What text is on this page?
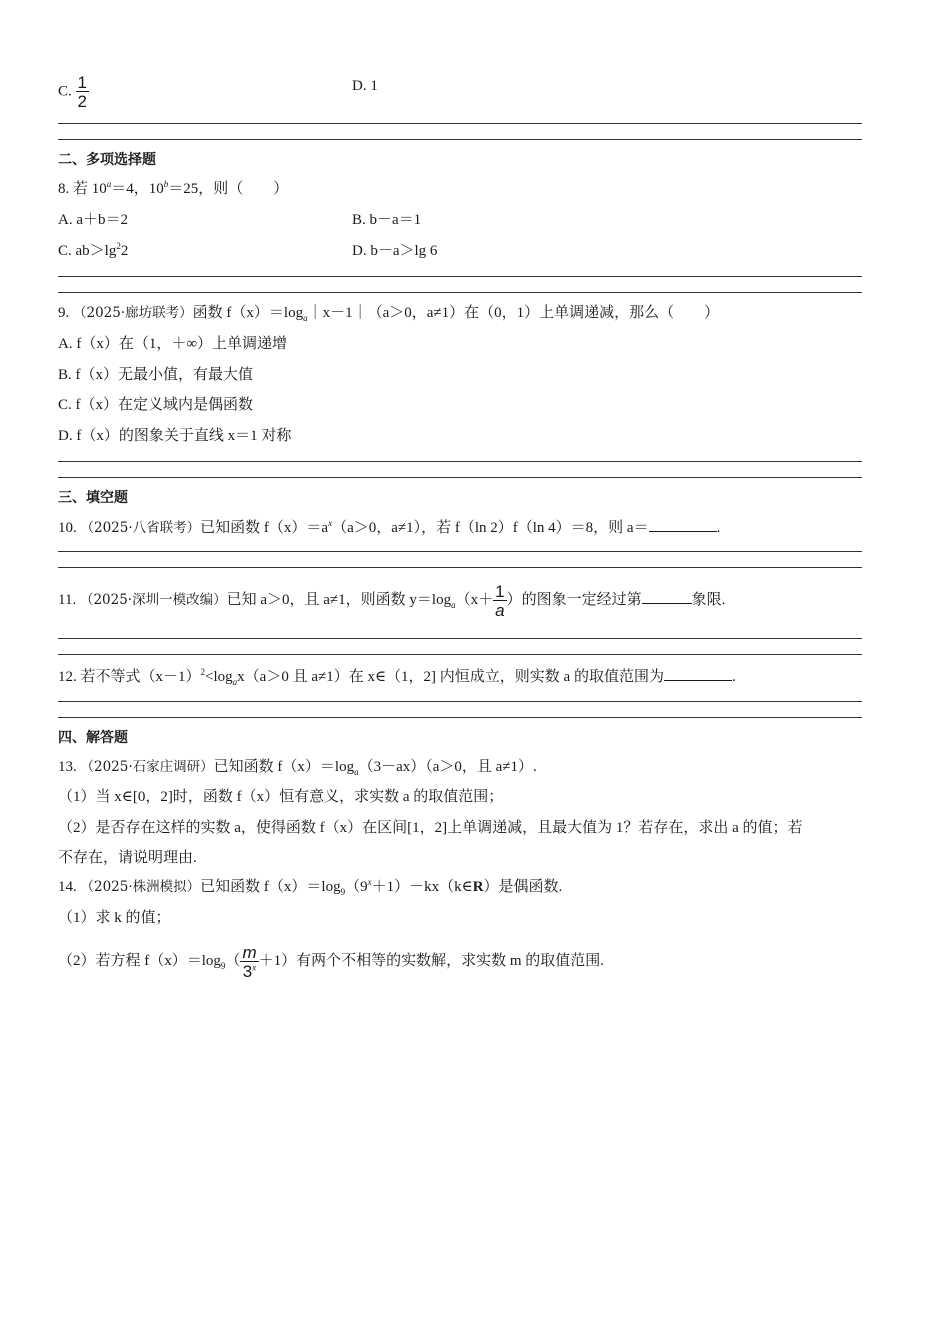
C. $\frac{1}{2}$	D. 1
二、多项选择题
8. 若 $10^a=4$，$10^b=25$，则（　　）
A. a＋b＝2	B. b－a＝1
C. $ab>\lg^22$	D. b－a＞lg 6
9. （2025·廊坊联考）函数 $f(x)=\log_a|x-1|(a>0$，a≠1）在（0，1）上单调递减，那么（　　）
A. f（x）在（1，＋∞）上单调递增
B. f（x）无最小值，有最大值
C. f（x）在定义域内是偶函数
D. f（x）的图象关于直线 x＝1 对称
三、填空题
10. （2025·八省联考）已知函数 $f(x)=a^x(a>0$，a≠1），若 f（ln 2）f（ln 4）＝8，则 a＝	.
11. （2025·深圳一模改编）已知 a＞0，且 a≠1，则函数 $y=\log_a(x+ \frac{1}{a}$ ）的图象一定经过第	象限.
12. 若不等式$(x-1)^2<\log_ax(a>0$ 且 a≠1）在 x∈（1，2] 内恒成立，则实数 a 的取值范围为	.
四、解答题
13. （2025·石家庄调研）已知函数 $f(x)=\log_a(3-ax)(a>0$，且 a≠1）.
（1）当 x∈[0，2]时，函数 f（x）恒有意义，求实数 a 的取值范围；
（2）是否存在这样的实数 a，使得函数 f（x）在区间[1，2]上单调递减，且最大值为 1？若存在，求出 a 的值；若
不存在，请说明理由.
14. （2025·株洲模拟）已知函数 $f(x)=\log_9(9^x+1)-kx(k\in R)$是偶函数.
（1）求 k 的值；
（2）若方程 $f(x)=\log_9( \frac{m}{3^x} +1)$有两个不相等的实数解，求实数 m 的取值范围.
